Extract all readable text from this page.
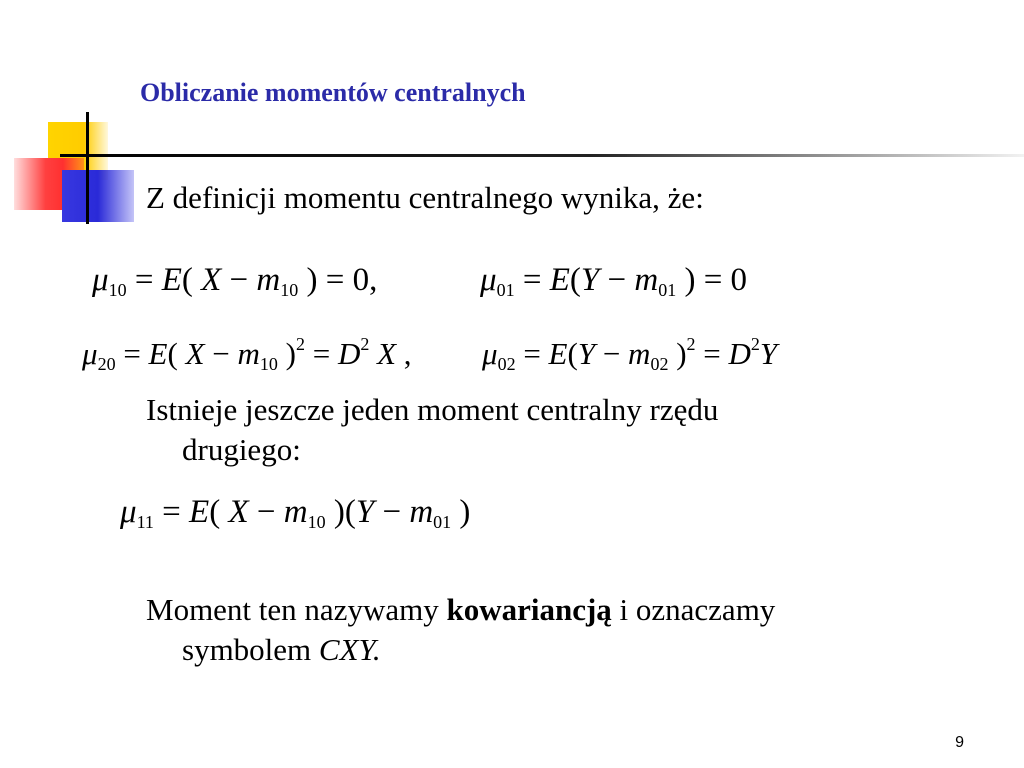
Obliczanie momentów centralnych
Z definicji momentu centralnego wynika, że:
$\mu_{10} = E$( $X - m_{10}$ ) = 0,	$\mu_{01} = E(Y - m_{01}$ ) = 0
$\mu_{20} = E$( $X - m_{10}$ )$^2 = D^2$ X , $\mu_{02} = E(Y - m_{02}$ )$^2 = D^2Y$
Istnieje jeszcze jeden moment centralny rzędu
drugiego:
$\mu_{11} = E$( $X - m_{10}$ )($Y - m_{01}$ )
Moment ten nazywamy kowariancją i oznaczamy
symbolem CXY.
9
